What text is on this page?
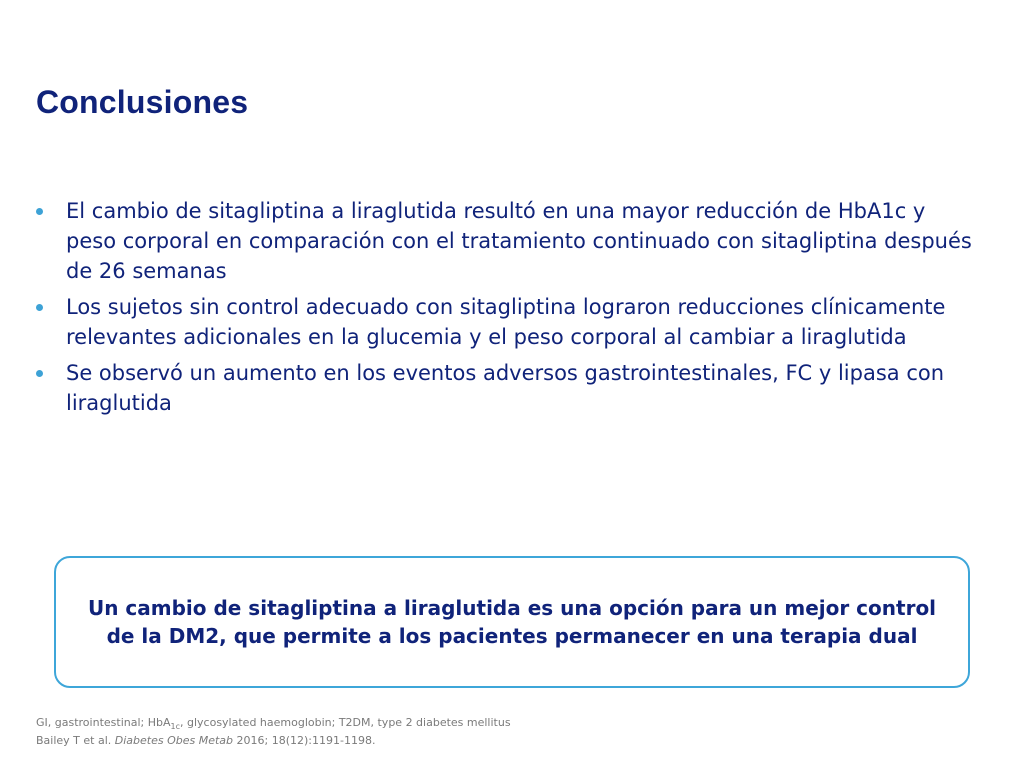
Conclusiones
El cambio de sitagliptina a liraglutida resultó en una mayor reducción de HbA1c y peso corporal en comparación con el tratamiento continuado con sitagliptina después de 26 semanas
Los sujetos sin control adecuado con sitagliptina lograron reducciones clínicamente relevantes adicionales en la glucemia y el peso corporal al cambiar a liraglutida
Se observó un aumento en los eventos adversos gastrointestinales, FC y lipasa con liraglutida
Un cambio de sitagliptina a liraglutida es una opción para un mejor control de la DM2, que permite a los pacientes permanecer en una terapia dual
GI, gastrointestinal; HbA$_{1c}$, glycosylated haemoglobin; T2DM, type 2 diabetes mellitus
Bailey T et al. Diabetes Obes Metab 2016; 18(12):1191-1198.
